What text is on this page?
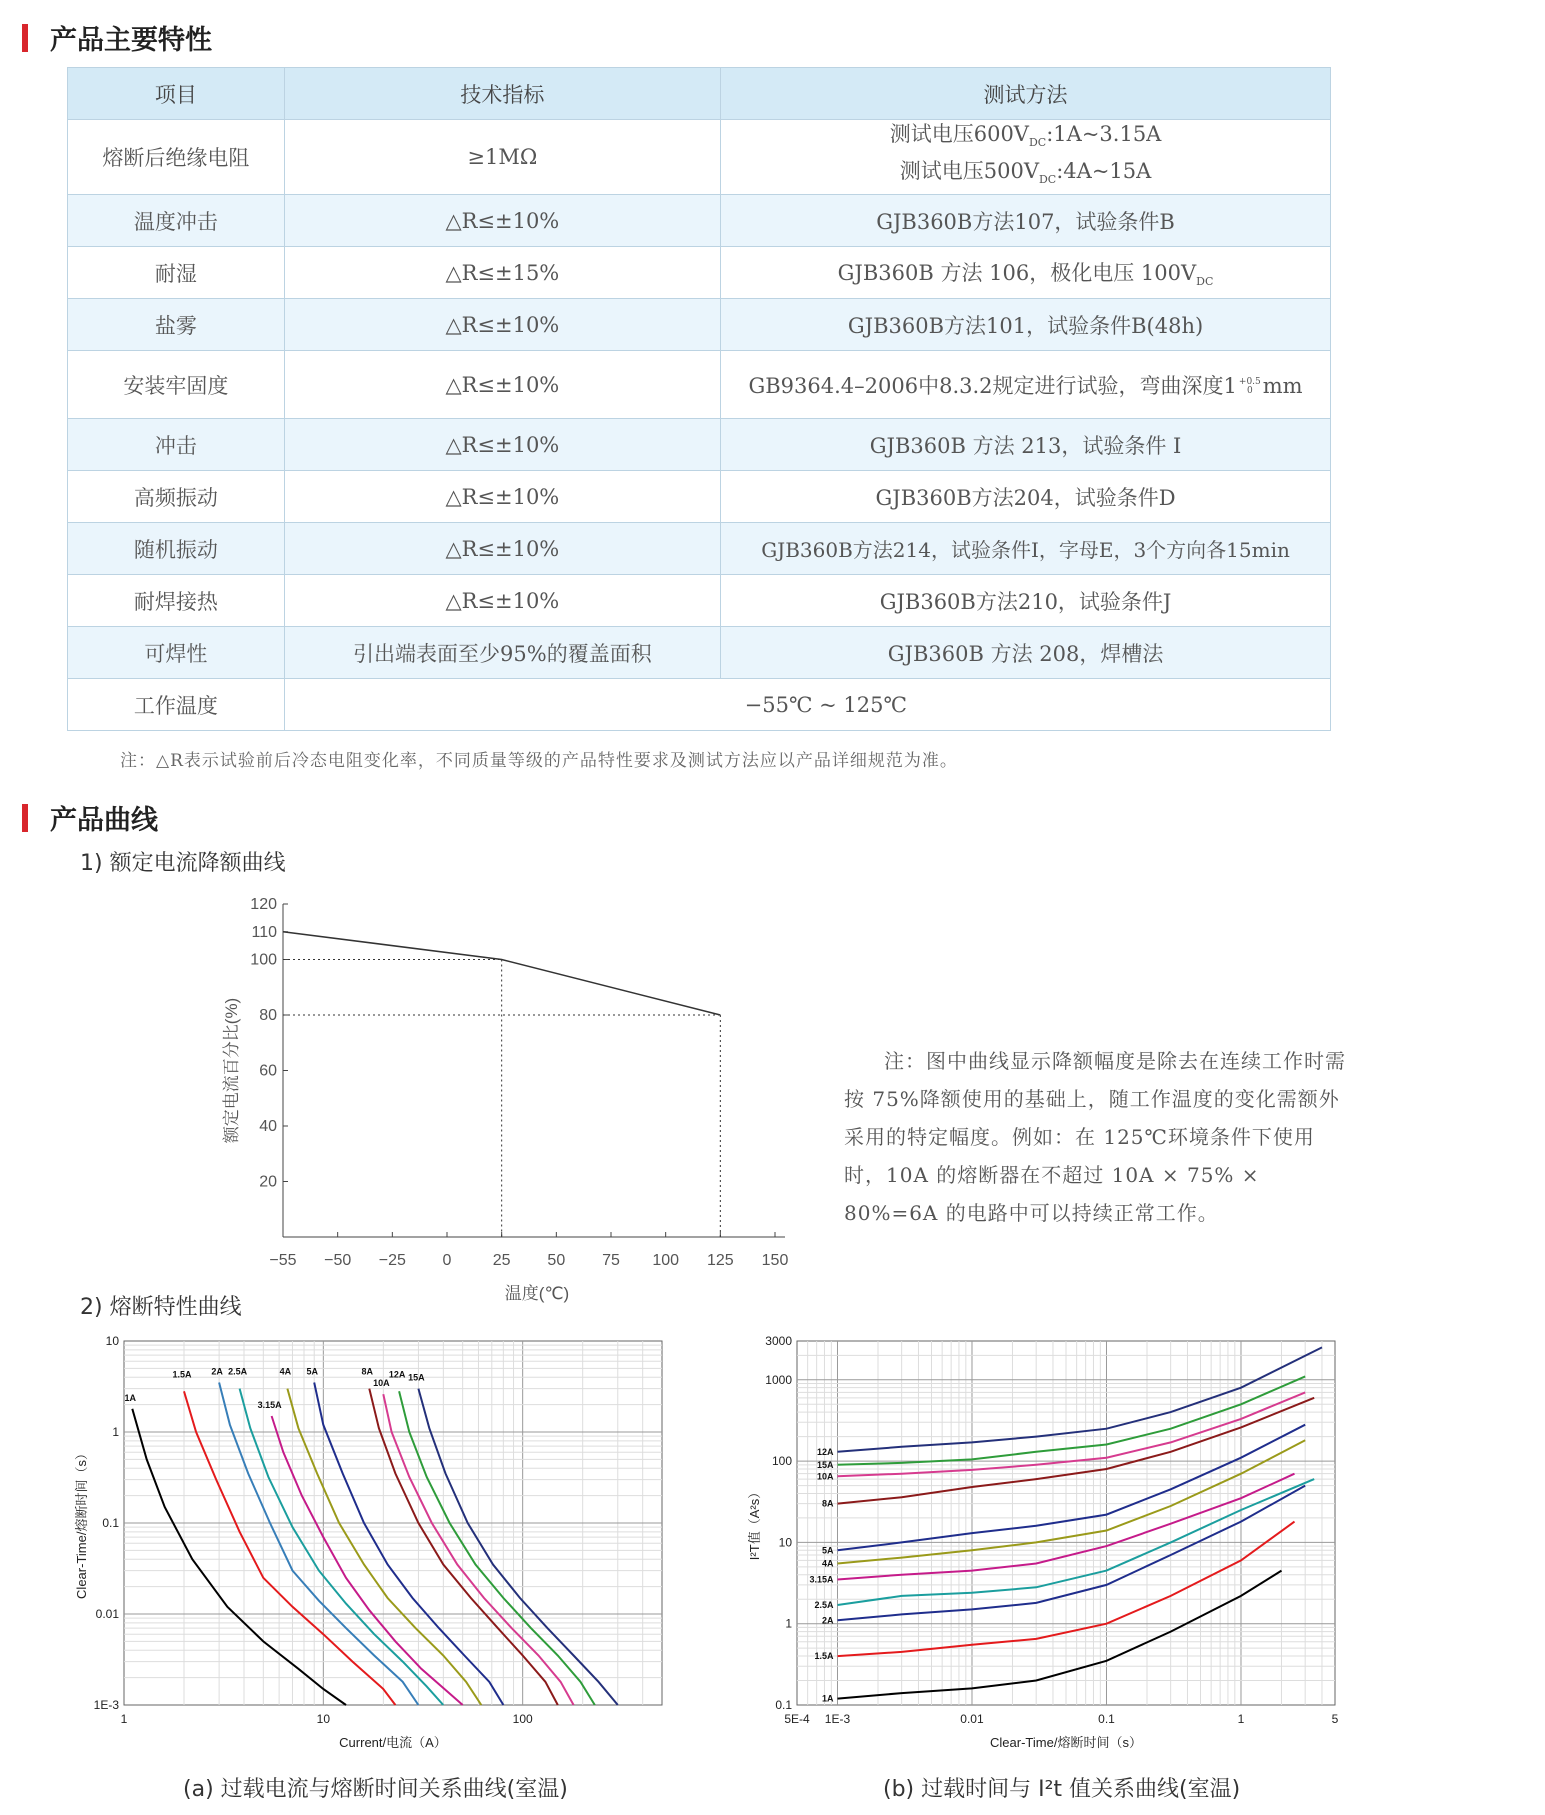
产品主要特性
项目	技术指标	测试方法
熔断后绝缘电阻	≥1MΩ	测试电压$600V_{DC}:1A\sim 3.15A$
测试电压$500V_{DC}:4A\sim 15A$
温度冲击	△R≤±10%	GJB360B方法107，试验条件B
耐湿	△R≤±15%	GJB360B 方法 106，极化电压 $100V_{DC}$
盐雾	△R≤±10%	GJB360B方法101，试验条件B(48h)
安装牢固度	△R≤±10%	GB9364.4–2006中8.3.2规定进行试验，弯曲深度1 +0.5
0 mm
冲击	△R≤±10%	GJB360B 方法 213，试验条件 I
高频振动	△R≤±10%	GJB360B方法204，试验条件D
随机振动	△R≤±10%	GJB360B方法214，试验条件I，字母E，3个方向各15min
耐焊接热	△R≤±10%	GJB360B方法210，试验条件J
可焊性	引出端表面至少95%的覆盖面积	GJB360B 方法 208，焊槽法
工作温度	−55℃ ~ 125℃	
注：△R表示试验前后冷态电阻变化率，不同质量等级的产品特性要求及测试方法应以产品详细规范为准。
产品曲线
1) 额定电流降额曲线
−55 −50 −25 0	25 50 75 100 125 150
20
40
60
80
100
110
120
温度(℃)
额定电流百分比(%)	注：图中曲线显示降额幅度是除去在连续工作时需按 75%降额使用的基础上，随工作温度的变化需额外采用的特定幅度。例如：在 125℃环境条件下使用时，10A 的熔断器在不超过 10A × 75% × 80%=6A 的电路中可以持续正常工作。
2) 熔断特性曲线
1	10	100
1E-3
0.01
0.1
1
10
1A
1.5A 2A 2.5A
3.15A
4A 5A	8A
10A
12A 15A
Current/电流（A）
Clear-Time/熔断时间（s）
5E-4 1E-3	0.01	0.1	1	5
0.1
1
10
100
1000
3000
1A
1.5A
2A
2.5A
3.15A
4A
5A
8A
10A
15A
12A
Clear-Time/熔断时间（s）
I²T值（A²s）
(a) 过载电流与熔断时间关系曲线(室温)	(b) 过载时间与 I²t 值关系曲线(室温)
